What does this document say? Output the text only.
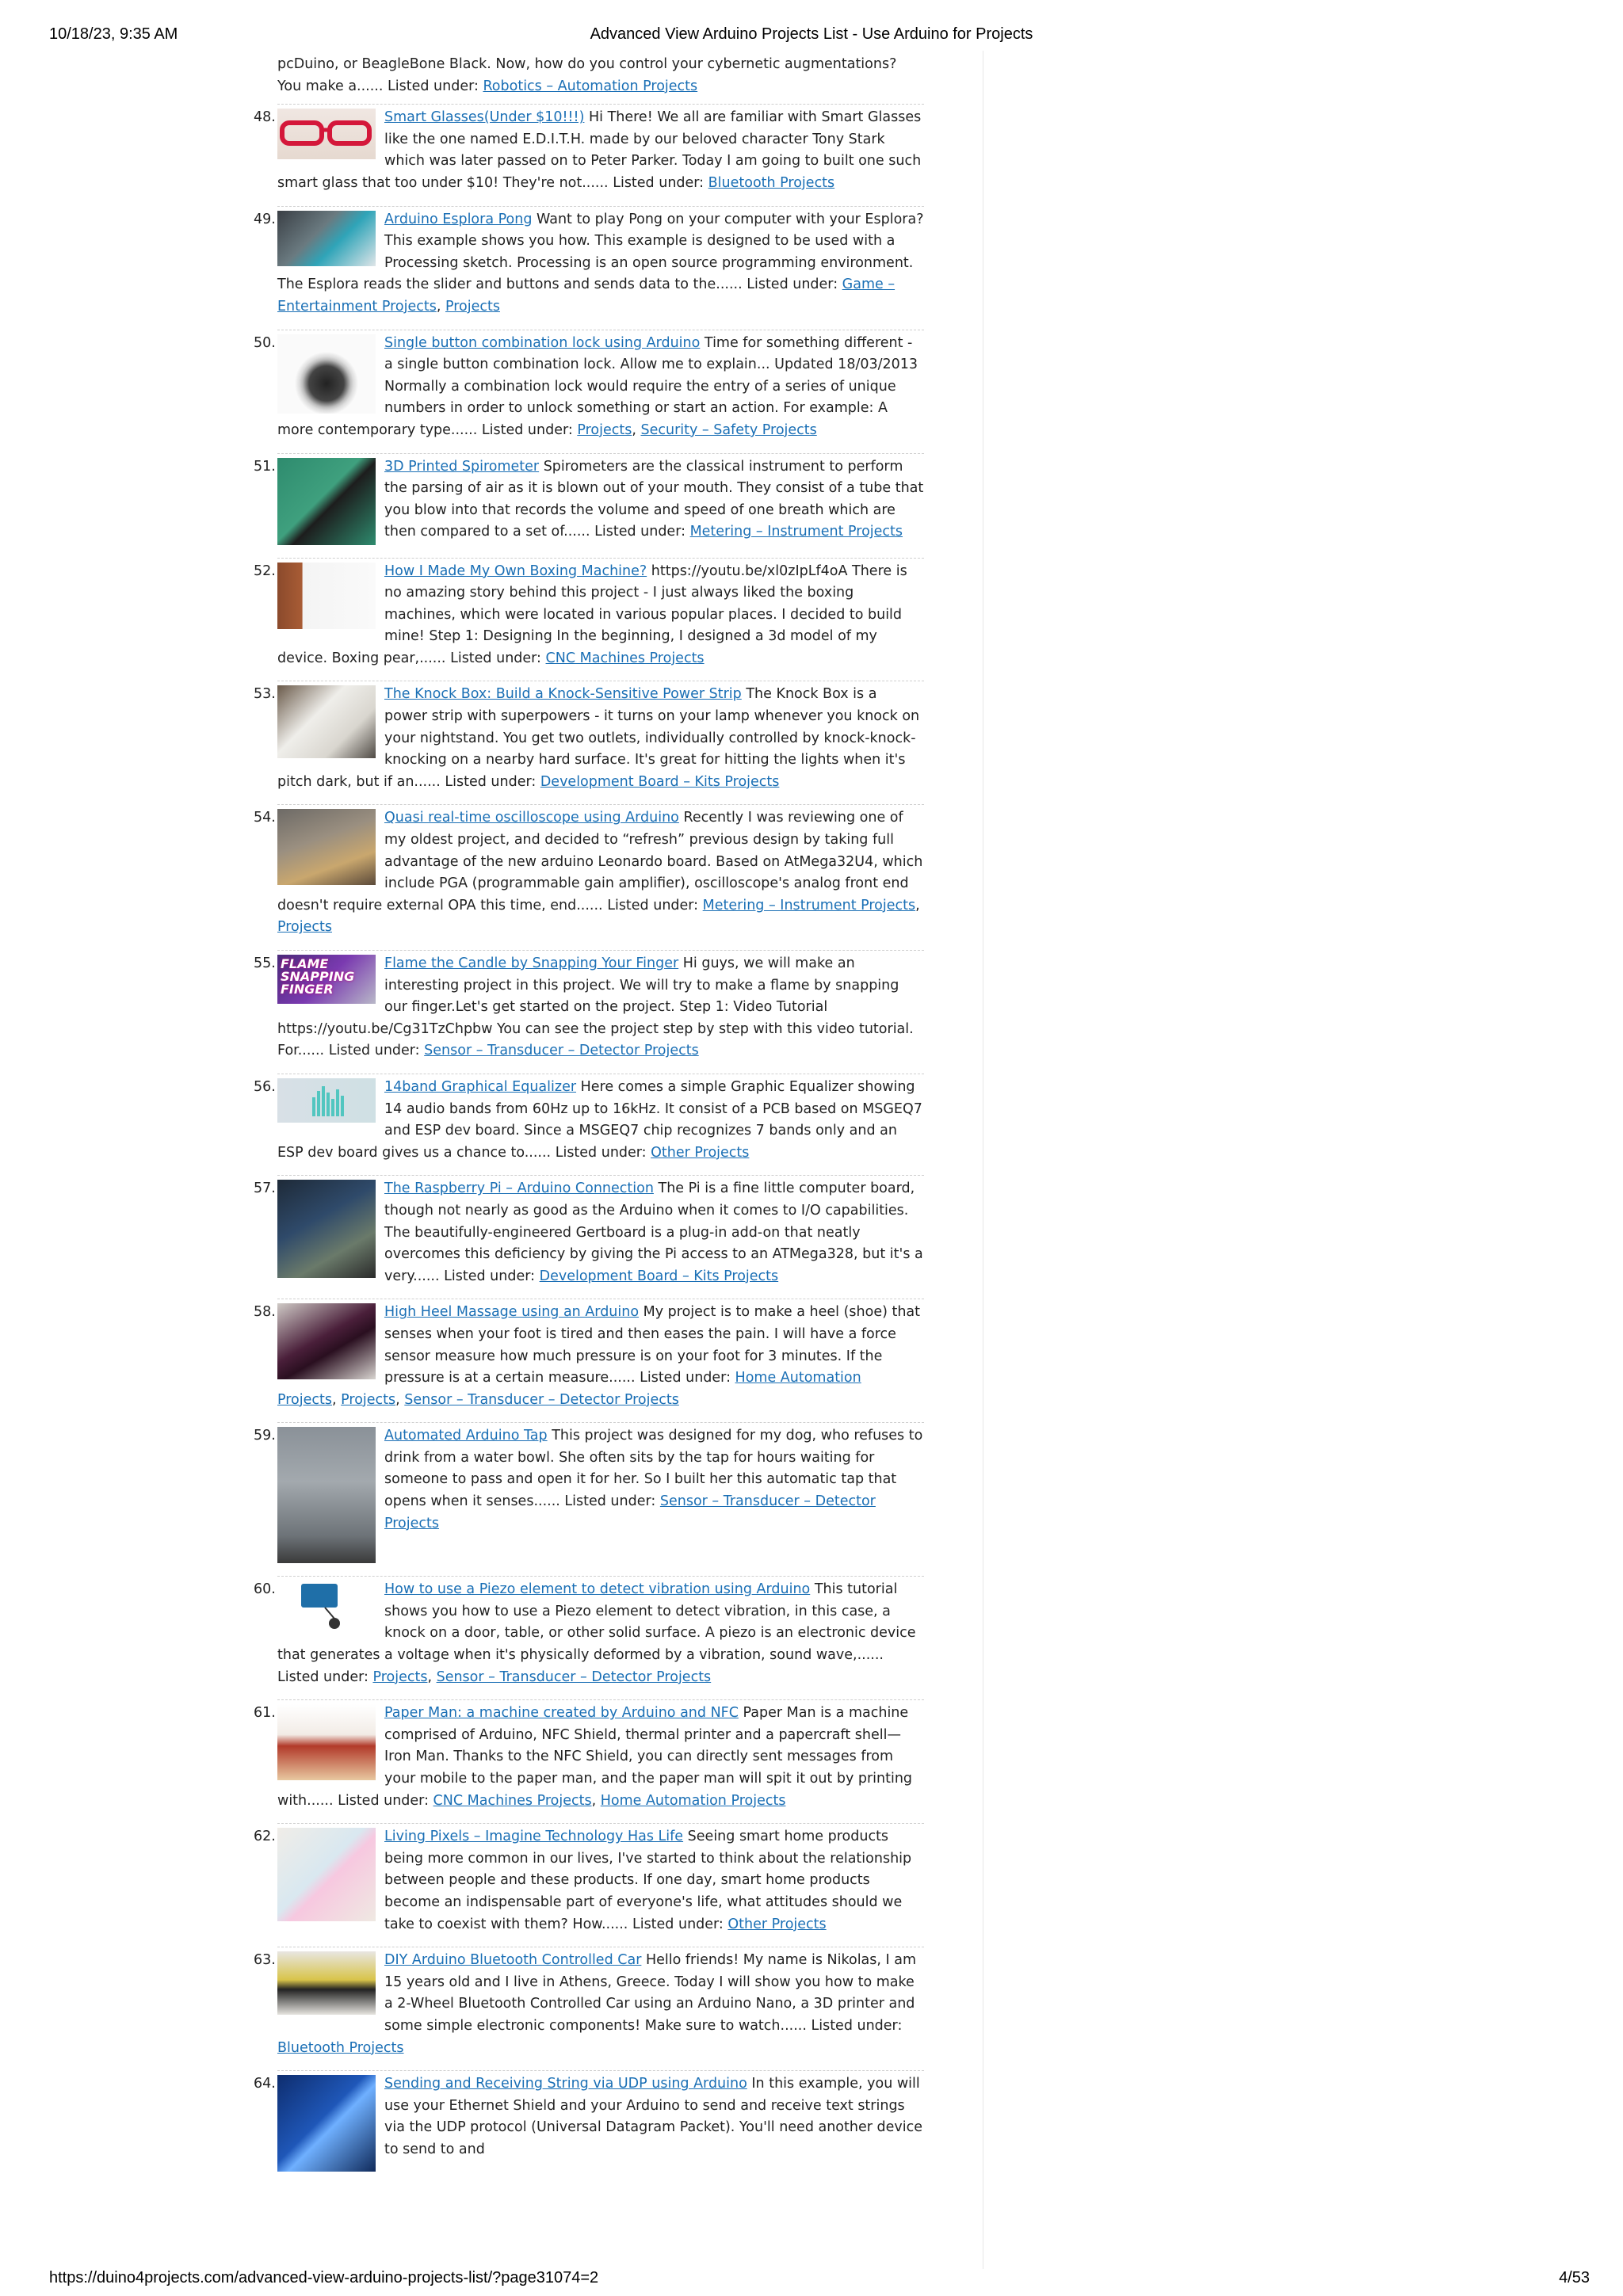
10/18/23, 9:35 AM	Advanced View Arduino Projects List - Use Arduino for Projects
pcDuino, or BeagleBone Black. Now, how do you control your cybernetic augmentations? You make a...... Listed under: Robotics – Automation Projects
48.	Smart Glasses(Under $10!!!) Hi There! We all are familiar with Smart Glasses like the one named E.D.I.T.H. made by our beloved character Tony Stark which was later passed on to Peter Parker. Today I am going to built one such smart glass that too under $10! They're not...... Listed under: Bluetooth Projects
49.	Arduino Esplora Pong Want to play Pong on your computer with your Esplora? This example shows you how. This example is designed to be used with a Processing sketch. Processing is an open source programming environment. The Esplora reads the slider and buttons and sends data to the...... Listed under: Game – Entertainment Projects, Projects
50.	Single button combination lock using Arduino Time for something different - a single button combination lock. Allow me to explain... Updated 18/03/2013 Normally a combination lock would require the entry of a series of unique numbers in order to unlock something or start an action. For example: A more contemporary type...... Listed under: Projects, Security – Safety Projects
51.	3D Printed Spirometer Spirometers are the classical instrument to perform the parsing of air as it is blown out of your mouth. They consist of a tube that you blow into that records the volume and speed of one breath which are then compared to a set of...... Listed under: Metering – Instrument Projects
52.	How I Made My Own Boxing Machine? https://youtu.be/xl0zIpLf4oA There is no amazing story behind this project - I just always liked the boxing machines, which were located in various popular places. I decided to build mine! Step 1: Designing In the beginning, I designed a 3d model of my device. Boxing pear,...... Listed under: CNC Machines Projects
53.	The Knock Box: Build a Knock-Sensitive Power Strip The Knock Box is a power strip with superpowers - it turns on your lamp whenever you knock on your nightstand. You get two outlets, individually controlled by knock-knock-knocking on a nearby hard surface. It's great for hitting the lights when it's pitch dark, but if an...... Listed under: Development Board – Kits Projects
54.	Quasi real-time oscilloscope using Arduino Recently I was reviewing one of my oldest project, and decided to “refresh” previous design by taking full advantage of the new arduino Leonardo board. Based on AtMega32U4, which include PGA (programmable gain amplifier), oscilloscope's analog front end doesn't require external OPA this time, end...... Listed under: Metering – Instrument Projects, Projects
55. FLAME SNAPPING FINGER
Flame the Candle by Snapping Your Finger Hi guys, we will make an interesting project in this project. We will try to make a flame by snapping our finger.Let's get started on the project. Step 1: Video Tutorial https://youtu.be/Cg31TzChpbw You can see the project step by step with this video tutorial. For...... Listed under: Sensor – Transducer – Detector Projects
56.	14band Graphical Equalizer Here comes a simple Graphic Equalizer showing 14 audio bands from 60Hz up to 16kHz. It consist of a PCB based on MSGEQ7 and ESP dev board. Since a MSGEQ7 chip recognizes 7 bands only and an ESP dev board gives us a chance to...... Listed under: Other Projects
57.	The Raspberry Pi – Arduino Connection The Pi is a fine little computer board, though not nearly as good as the Arduino when it comes to I/O capabilities. The beautifully-engineered Gertboard is a plug-in add-on that neatly overcomes this deficiency by giving the Pi access to an ATMega328, but it's a very...... Listed under: Development Board – Kits Projects
58.	High Heel Massage using an Arduino My project is to make a heel (shoe) that senses when your foot is tired and then eases the pain. I will have a force sensor measure how much pressure is on your foot for 3 minutes. If the pressure is at a certain measure...... Listed under: Home Automation Projects, Projects, Sensor – Transducer – Detector Projects
59.	Automated Arduino Tap This project was designed for my dog, who refuses to drink from a water bowl. She often sits by the tap for hours waiting for someone to pass and open it for her. So I built her this automatic tap that opens when it senses...... Listed under: Sensor – Transducer – Detector Projects
60.	How to use a Piezo element to detect vibration using Arduino This tutorial shows you how to use a Piezo element to detect vibration, in this case, a knock on a door, table, or other solid surface. A piezo is an electronic device that generates a voltage when it's physically deformed by a vibration, sound wave,...... Listed under: Projects, Sensor – Transducer – Detector Projects
61.	Paper Man: a machine created by Arduino and NFC Paper Man is a machine comprised of Arduino, NFC Shield, thermal printer and a papercraft shell—Iron Man. Thanks to the NFC Shield, you can directly sent messages from your mobile to the paper man, and the paper man will spit it out by printing with...... Listed under: CNC Machines Projects, Home Automation Projects
62.	Living Pixels – Imagine Technology Has Life Seeing smart home products being more common in our lives, I've started to think about the relationship between people and these products. If one day, smart home products become an indispensable part of everyone's life, what attitudes should we take to coexist with them? How...... Listed under: Other Projects
63.	DIY Arduino Bluetooth Controlled Car Hello friends! My name is Nikolas, I am 15 years old and I live in Athens, Greece. Today I will show you how to make a 2-Wheel Bluetooth Controlled Car using an Arduino Nano, a 3D printer and some simple electronic components! Make sure to watch...... Listed under: Bluetooth Projects
64.	Sending and Receiving String via UDP using Arduino In this example, you will use your Ethernet Shield and your Arduino to send and receive text strings via the UDP protocol (Universal Datagram Packet). You'll need another device to send to and
https://duino4projects.com/advanced-view-arduino-projects-list/?page31074=2	4/53
